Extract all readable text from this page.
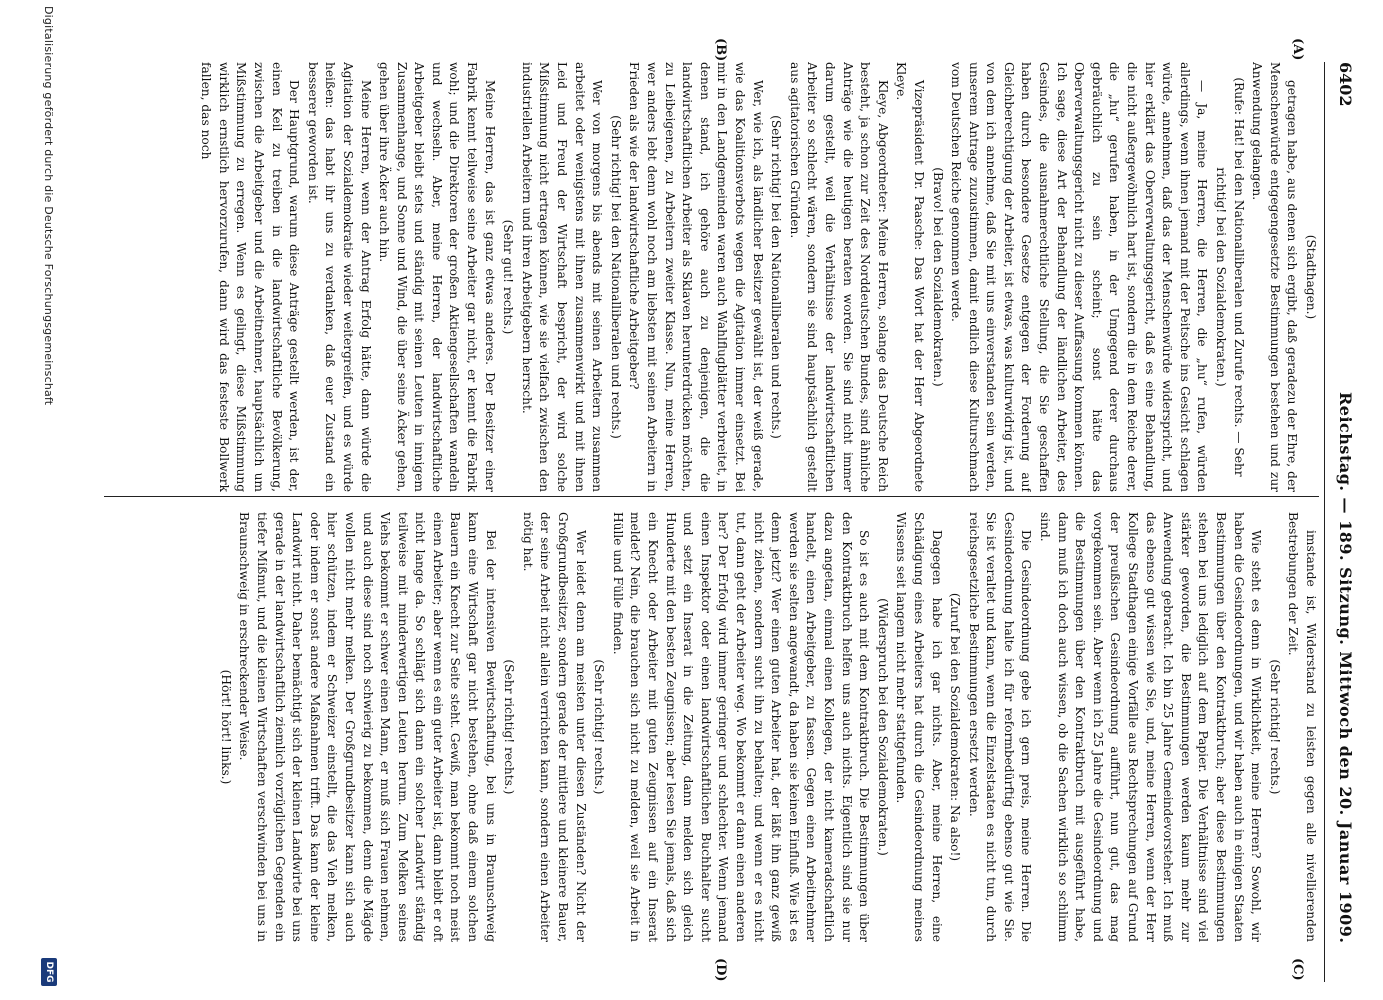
6402
Reichstag. — 189. Sitzung. Mittwoch den 20. Januar 1909.
(A)
(B)
(C)
(D)

(Stadthagen.)

getragen habe, aus denen sich ergibt, daß geradezu der Ehre, der Menschenwürde entgegengesetzte Bestimmungen bestehen und zur Anwendung gelangen.

(Rufe: Hat! bei den Nationalliberalen und Zurufe rechts. — Sehr richtig! bei den Sozialdemokraten.)

— Ja, meine Herren, die Herren, die „hu“ rufen, würden allerdings, wenn ihnen jemand mit der Peitsche ins Gesicht schlagen würde, annehmen, daß das der Menschenwürde widerspricht, und hier erklärt das Oberverwaltungsgericht, daß es eine Behandlung, die nicht außergewöhnlich hart ist, sondern die in dem Reiche derer, die „hu“ gerufen haben, in der Umgegend derer durchaus gebräuchlich zu sein scheint; sonst hätte das Oberverwaltungsgericht nicht zu dieser Auffassung kommen können. Ich sage, diese Art der Behandlung der ländlichen Arbeiter, des Gesindes, die ausnahmerechtliche Stellung, die Sie geschaffen haben durch besondere Gesetze entgegen der Forderung auf Gleichberechtigung der Arbeiter, ist etwas, was kulturwidrig ist, und von dem ich annehme, daß Sie mit uns einverstanden sein werden, unserem Antrage zuzustimmen, damit endlich diese Kulturschmach vom Deutschen Reiche genommen werde.

(Bravo! bei den Sozialdemokraten.)

Vizepräsident Dr. Paasche: Das Wort hat der Herr Abgeordnete Kleye.

Kleye, Abgeordneter: Meine Herren, solange das Deutsche Reich besteht, ja schon zur Zeit des Norddeutschen Bundes, sind ähnliche Anträge wie die heutigen beraten worden. Sie sind nicht immer darum gestellt, weil die Verhältnisse der landwirtschaftlichen Arbeiter so schlecht wären, sondern sie sind hauptsächlich gestellt aus agitatorischen Gründen.

(Sehr richtig! bei den Nationalliberalen und rechts.)

Wer, wie ich, als ländlicher Besitzer gewählt ist, der weiß gerade, wie das Koalitionsverbots wegen die Agitation immer einsetzt. Bei mir in den Landgemeinden waren auch Wahlflugblätter verbreitet, in denen stand, ich gehöre auch zu denjenigen, die die landwirtschaftlichen Arbeiter als Sklaven herunterdrücken möchten, zu Leibeigenen, zu Arbeitern zweiter Klasse. Nun, meine Herren, wer anders lebt denn wohl noch am liebsten mit seinen Arbeitern in Frieden als wie der landwirtschaftliche Arbeitgeber?

(Sehr richtig! bei den Nationalliberalen und rechts.)

Wer von morgens bis abends mit seinen Arbeitern zusammen arbeitet oder wenigstens mit ihnen zusammenwirkt und mit ihnen Leid und Freud der Wirtschaft bespricht, der wird solche Mißstimmung nicht ertragen können, wie sie vielfach zwischen den industriellen Arbeitern und ihren Arbeitgebern herrscht.

(Sehr gut! rechts.)

Meine Herren, das ist ganz etwas anderes. Der Besitzer einer Fabrik kennt teilweise seine Arbeiter gar nicht, er kennt die Fabrik wohl; und die Direktoren der großen Aktiengesellschaften wandeln und wechseln. Aber, meine Herren, der landwirtschaftliche Arbeitgeber bleibt stets und ständig mit seinen Leuten in innigem Zusammenhange, und Sonne und Wind, die über seine Äcker gehen, gehen über ihre Äcker auch hin.

Meine Herren, wenn der Antrag Erfolg hätte, dann würde die Agitation der Sozialdemokratie wieder weitergreifen, und es würde heißen: das habt ihr uns zu verdanken, daß euer Zustand ein besserer geworden ist.

Der Hauptgrund, warum diese Anträge gestellt werden, ist der, einen Keil zu treiben in die landwirtschaftliche Bevölkerung, zwischen die Arbeitgeber und die Arbeitnehmer, hauptsächlich um Mißstimmung zu erregen. Wenn es gelingt, diese Mißstimmung wirklich ernstlich hervorzurufen, dann wird das festeste Bollwerk fallen, das noch

imstande ist, Widerstand zu leisten gegen alle nivellierenden Bestrebungen der Zeit.

(Sehr richtig! rechts.)

Wie steht es denn in Wirklichkeit, meine Herren? Sowohl, wir haben die Gesindeordnungen, und wir haben auch in einigen Staaten Bestimmungen über den Kontraktbruch; aber diese Bestimmungen stehen bei uns lediglich auf dem Papier. Die Verhältnisse sind viel stärker geworden, die Bestimmungen werden kaum mehr zur Anwendung gebracht. Ich bin 25 Jahre Gemeindevorsteher. Ich muß das ebenso gut wissen wie Sie, und, meine Herren, wenn der Herr Kollege Stadthagen einige Vorfälle aus Rechtsprechungen auf Grund der preußischen Gesindeordnung aufführt, nun gut, das mag vorgekommen sein. Aber wenn ich 25 Jahre die Gesindeordnung und die Bestimmungen über den Kontraktbruch mit ausgeführt habe, dann muß ich doch auch wissen, ob die Sachen wirklich so schlimm sind.

Die Gesindeordnung gebe ich gern preis, meine Herren. Die Gesindeordnung halte ich für reformbedürftig ebenso gut wie Sie. Sie ist veraltet und kann, wenn die Einzelstaaten es nicht tun, durch reichsgesetzliche Bestimmungen ersetzt werden.

(Zuruf bei den Sozialdemokraten: Na also!)

Dagegen habe ich gar nichts. Aber, meine Herren, eine Schädigung eines Arbeiters hat durch die Gesindeordnung meines Wissens seit langem nicht mehr stattgefunden.

(Widerspruch bei den Sozialdemokraten.)

So ist es auch mit dem Kontraktbruch. Die Bestimmungen über den Kontraktbruch helfen uns auch nichts. Eigentlich sind sie nur dazu angetan, einmal einen Kollegen, der nicht kameradschaftlich handelt, einen Arbeitgeber, zu fassen. Gegen einen Arbeitnehmer werden sie selten angewandt, da haben sie keinen Einfluß. Wie ist es denn jetzt? Wer einen guten Arbeiter hat, der läßt ihn ganz gewiß nicht ziehen, sondern sucht ihn zu behalten; und wenn er es nicht tut, dann geht der Arbeiter weg. Wo bekommt er dann einen anderen her? Der Erfolg wird immer geringer und schlechter. Wenn jemand einen Inspektor oder einen landwirtschaftlichen Buchhalter sucht und setzt ein Inserat in die Zeitung, dann melden sich gleich Hunderte mit den besten Zeugnissen; aber lesen Sie jemals, daß sich ein Knecht oder Arbeiter mit guten Zeugnissen auf ein Inserat meldet? Nein, die brauchen sich nicht zu melden, weil sie Arbeit in Hülle und Fülle finden.

(Sehr richtig! rechts.)

Wer leidet denn am meisten unter diesen Zuständen? Nicht der Großgrundbesitzer, sondern gerade der mittlere und kleinere Bauer, der seine Arbeit nicht allein verrichten kann, sondern einen Arbeiter nötig hat.

(Sehr richtig! rechts.)

Bei der intensiven Bewirtschaftung, bei uns in Braunschweig kann eine Wirtschaft gar nicht bestehen, ohne daß einem solchen Bauern ein Knecht zur Seite steht. Gewiß, man bekommt noch meist einen Arbeiter; aber wenn es ein guter Arbeiter ist, dann bleibt er oft nicht lange da. So schlägt sich dann ein solcher Landwirt ständig teilweise mit minderwertigen Leuten herum. Zum Melken seines Viehs bekommt er schwer einen Mann, er muß sich Frauen nehmen, und auch diese sind noch schwierig zu bekommen, denn die Mägde wollen nicht mehr melken. Der Großgrundbesitzer kann sich auch hier schützen, indem er Schweizer einstellt, die das Vieh melken, oder indem er sonst andere Maßnahmen trifft. Das kann der kleine Landwirt nicht. Daher bemächtigt sich der kleinen Landwirte bei uns gerade in der landwirtschaftlich ziemlich vorzüglichen Gegenden ein tiefer Mißmut, und die kleinen Wirtschaften verschwinden bei uns in Braunschweig in erschreckender Weise.

(Hört! hört! links.)

Digitalisierung gefördert durch die Deutsche Forschungsgemeinschaft
DFG
